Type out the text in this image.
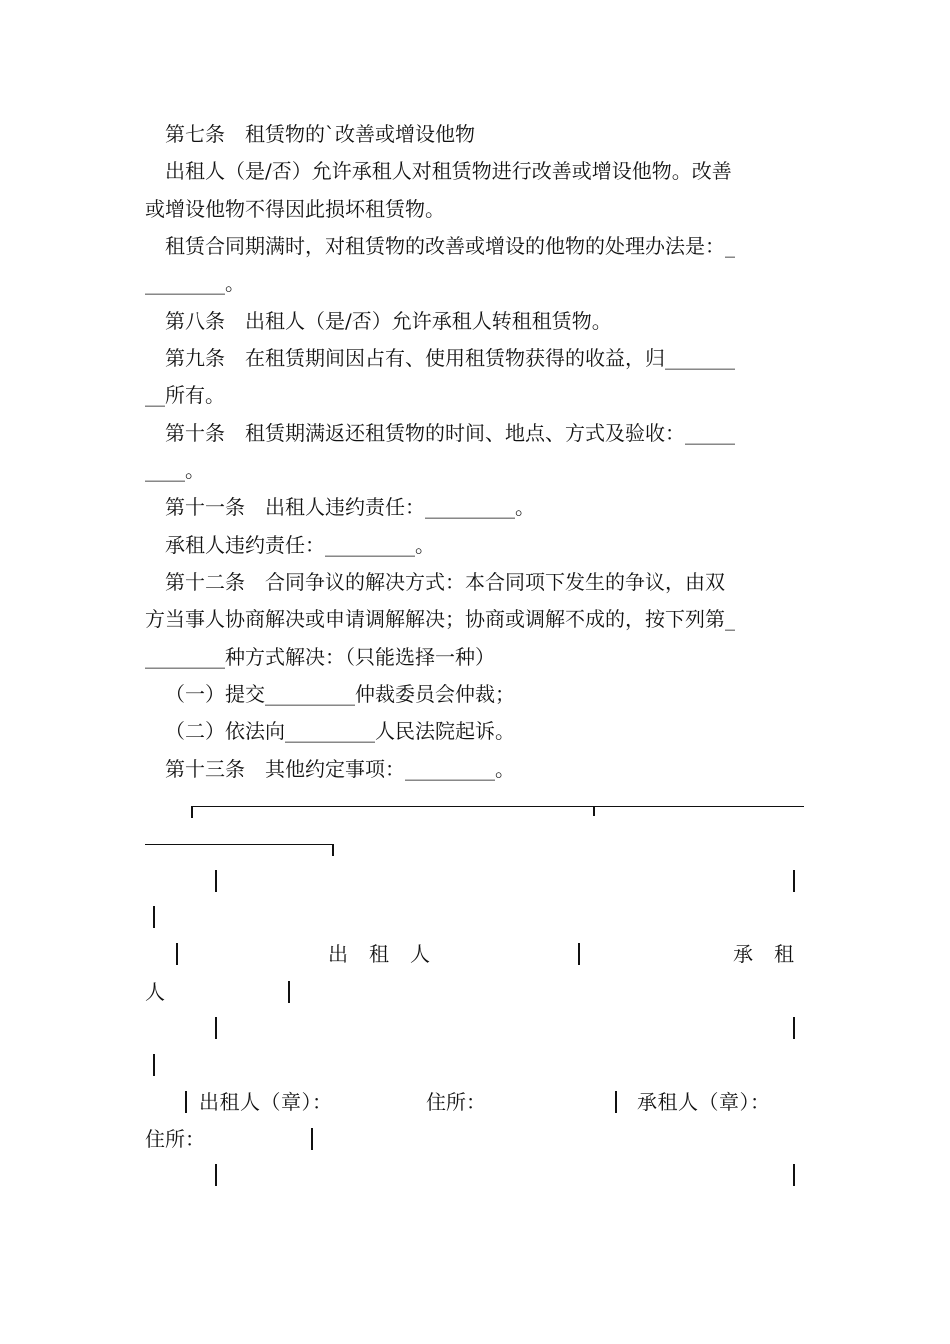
第七条　租赁物的`改善或增设他物
出租人（是/否）允许承租人对租赁物进行改善或增设他物。改善
或增设他物不得因此损坏租赁物。
租赁合同期满时，对租赁物的改善或增设的他物的处理办法是：_
________。
第八条　出租人（是/否）允许承租人转租租赁物。
第九条　在租赁期间因占有、使用租赁物获得的收益，归_______
__所有。
第十条　租赁期满返还租赁物的时间、地点、方式及验收：_____
____。
第十一条　出租人违约责任：_________。
承租人违约责任：_________。
第十二条　合同争议的解决方式：本合同项下发生的争议，由双
方当事人协商解决或申请调解解决；协商或调解不成的，按下列第_
________种方式解决：（只能选择一种）
（一）提交_________仲裁委员会仲裁；
（二）依法向_________人民法院起诉。
第十三条　其他约定事项：_________。
出　租　人	承　租
人
出租人（章）：	住所：	承租人（章）：
住所：
